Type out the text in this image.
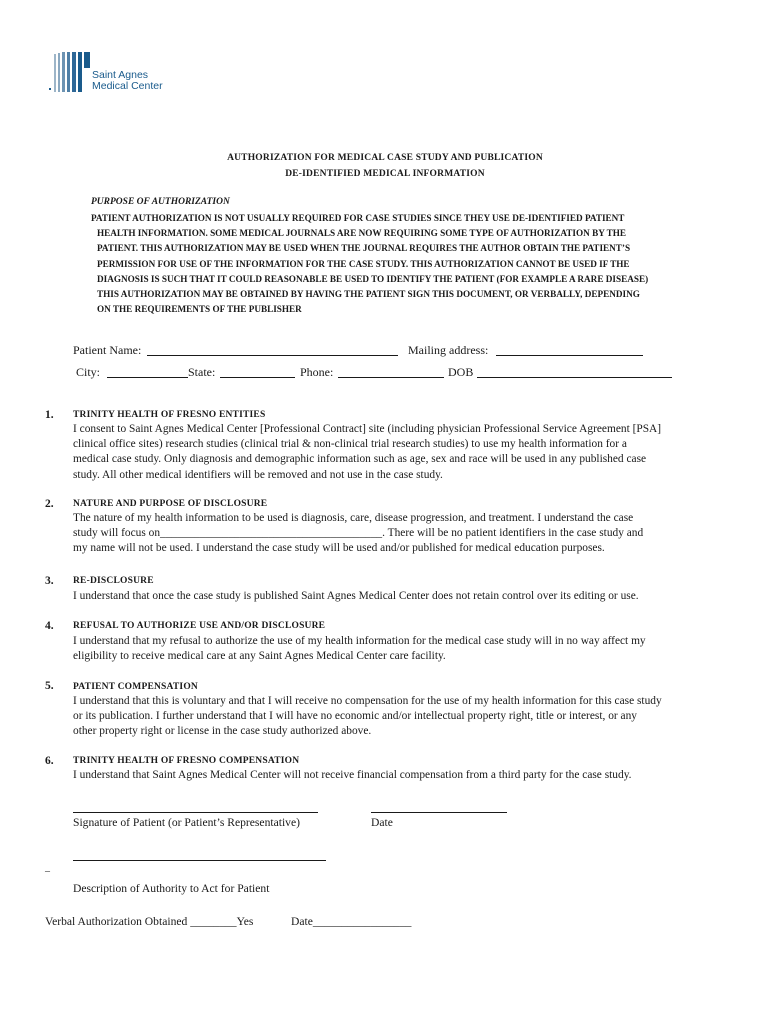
Saint Agnes
Medical Center
AUTHORIZATION FOR MEDICAL CASE STUDY AND PUBLICATION
DE-IDENTIFIED MEDICAL INFORMATION
PURPOSE OF AUTHORIZATION

PATIENT AUTHORIZATION IS NOT USUALLY REQUIRED FOR CASE STUDIES SINCE THEY USE DE-IDENTIFIED PATIENT

HEALTH INFORMATION. SOME MEDICAL JOURNALS ARE NOW REQUIRING SOME TYPE OF AUTHORIZATION BY THE

PATIENT. THIS AUTHORIZATION MAY BE USED WHEN THE JOURNAL REQUIRES THE AUTHOR OBTAIN THE PATIENT’S

PERMISSION FOR USE OF THE INFORMATION FOR THE CASE STUDY. THIS AUTHORIZATION CANNOT BE USED IF THE

DIAGNOSIS IS SUCH THAT IT COULD REASONABLE BE USED TO IDENTIFY THE PATIENT (FOR EXAMPLE A RARE DISEASE)

THIS AUTHORIZATION MAY BE OBTAINED BY HAVING THE PATIENT SIGN THIS DOCUMENT, OR VERBALLY, DEPENDING

ON THE REQUIREMENTS OF THE PUBLISHER

Patient Name:	Mailing address:
City:	State:	Phone:	DOB
1. TRINITY HEALTH OF FRESNO ENTITIES
I consent to Saint Agnes Medical Center [Professional Contract] site (including physician Professional Service Agreement [PSA]
clinical office sites) research studies (clinical trial & non-clinical trial research studies) to use my health information for a
medical case study. Only diagnosis and demographic information such as age, sex and race will be used in any published case
study. All other medical identifiers will be removed and not use in the case study.
2. NATURE AND PURPOSE OF DISCLOSURE
The nature of my health information to be used is diagnosis, care, disease progression, and treatment. I understand the case
study will focus on_______________________________________. There will be no patient identifiers in the case study and
my name will not be used. I understand the case study will be used and/or published for medical education purposes.
3. RE-DISCLOSURE
I understand that once the case study is published Saint Agnes Medical Center does not retain control over its editing or use.
4. REFUSAL TO AUTHORIZE USE AND/OR DISCLOSURE
I understand that my refusal to authorize the use of my health information for the medical case study will in no way affect my
eligibility to receive medical care at any Saint Agnes Medical Center care facility.
5. PATIENT COMPENSATION
I understand that this is voluntary and that I will receive no compensation for the use of my health information for this case study
or its publication. I further understand that I will have no economic and/or intellectual property right, title or interest, or any
other property right or license in the case study authorized above.
6. TRINITY HEALTH OF FRESNO COMPENSATION
I understand that Saint Agnes Medical Center will not receive financial compensation from a third party for the case study.
Signature of Patient (or Patient’s Representative)	Date
–
Description of Authority to Act for Patient
Verbal Authorization Obtained ________Yes	Date_________________
